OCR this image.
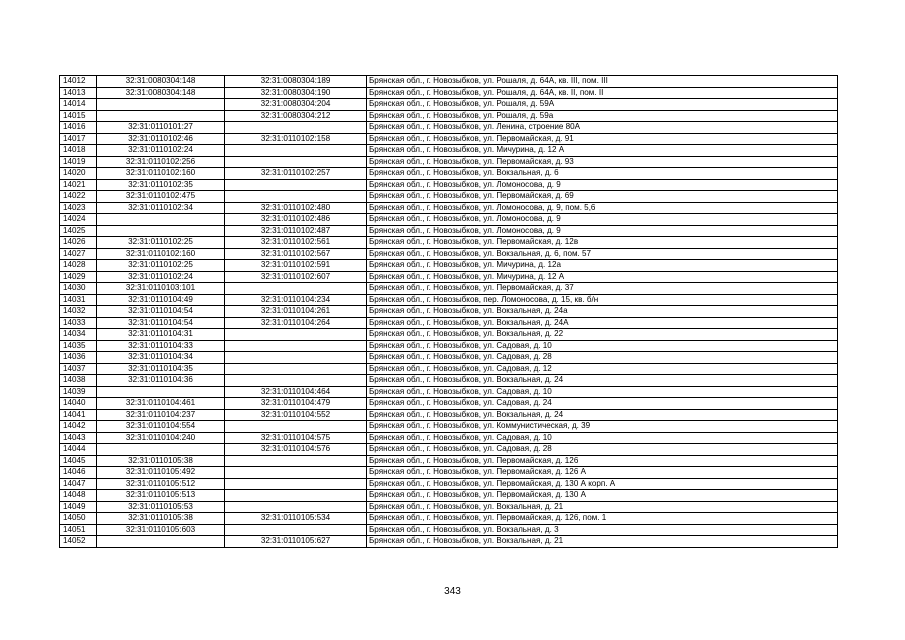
14012	32:31:0080304:148	32:31:0080304:189	Брянская обл., г. Новозыбков, ул. Рошаля, д. 64А, кв. III, пом. III
14013	32:31:0080304:148	32:31:0080304:190	Брянская обл., г. Новозыбков, ул. Рошаля, д. 64А, кв. II, пом. II
14014		32:31:0080304:204	Брянская обл., г. Новозыбков, ул. Рошаля, д. 59А
14015		32:31:0080304:212	Брянская обл., г. Новозыбков, ул. Рошаля, д. 59а
14016	32:31:0110101:27		Брянская обл., г. Новозыбков, ул. Ленина, строение 80А
14017	32:31:0110102:46	32:31:0110102:158	Брянская обл., г. Новозыбков, ул. Первомайская, д. 91
14018	32:31:0110102:24		Брянская обл., г. Новозыбков, ул. Мичурина, д. 12 А
14019	32:31:0110102:256		Брянская обл., г. Новозыбков, ул. Первомайская, д. 93
14020	32:31:0110102:160	32:31:0110102:257	Брянская обл., г. Новозыбков, ул. Вокзальная, д. 6
14021	32:31:0110102:35		Брянская обл., г. Новозыбков, ул. Ломоносова, д. 9
14022	32:31:0110102:475		Брянская обл., г. Новозыбков, ул. Первомайская, д. 69
14023	32:31:0110102:34	32:31:0110102:480	Брянская обл., г. Новозыбков, ул. Ломоносова, д. 9, пом. 5,6
14024		32:31:0110102:486	Брянская обл., г. Новозыбков, ул. Ломоносова, д. 9
14025		32:31:0110102:487	Брянская обл., г. Новозыбков, ул. Ломоносова, д. 9
14026	32:31:0110102:25	32:31:0110102:561	Брянская обл., г. Новозыбков, ул. Первомайская, д. 12в
14027	32:31:0110102:160	32:31:0110102:567	Брянская обл., г. Новозыбков, ул. Вокзальная, д. 6, пом. 57
14028	32:31:0110102:25	32:31:0110102:591	Брянская обл., г. Новозыбков, ул. Мичурина, д. 12а
14029	32:31:0110102:24	32:31:0110102:607	Брянская обл., г. Новозыбков, ул. Мичурина, д. 12 А
14030	32:31:0110103:101		Брянская обл., г. Новозыбков, ул. Первомайская, д. 37
14031	32:31:0110104:49	32:31:0110104:234	Брянская обл., г. Новозыбков, пер. Ломоносова, д. 15, кв. б/н
14032	32:31:0110104:54	32:31:0110104:261	Брянская обл., г. Новозыбков, ул. Вокзальная, д. 24а
14033	32:31:0110104:54	32:31:0110104:264	Брянская обл., г. Новозыбков, ул. Вокзальная, д. 24А
14034	32:31:0110104:31		Брянская обл., г. Новозыбков, ул. Вокзальная, д. 22
14035	32:31:0110104:33		Брянская обл., г. Новозыбков, ул. Садовая, д. 10
14036	32:31:0110104:34		Брянская обл., г. Новозыбков, ул. Садовая, д. 28
14037	32:31:0110104:35		Брянская обл., г. Новозыбков, ул. Садовая, д. 12
14038	32:31:0110104:36		Брянская обл., г. Новозыбков, ул. Вокзальная, д. 24
14039		32:31:0110104:464	Брянская обл., г. Новозыбков, ул. Садовая, д. 10
14040	32:31:0110104:461	32:31:0110104:479	Брянская обл., г. Новозыбков, ул. Садовая, д. 24
14041	32:31:0110104:237	32:31:0110104:552	Брянская обл., г. Новозыбков, ул. Вокзальная, д. 24
14042	32:31:0110104:554		Брянская обл., г. Новозыбков, ул. Коммунистическая, д. 39
14043	32:31:0110104:240	32:31:0110104:575	Брянская обл., г. Новозыбков, ул. Садовая, д. 10
14044		32:31:0110104:576	Брянская обл., г. Новозыбков, ул. Садовая, д. 28
14045	32:31:0110105:38		Брянская обл., г. Новозыбков, ул. Первомайская, д. 126
14046	32:31:0110105:492		Брянская обл., г. Новозыбков, ул. Первомайская, д. 126 А
14047	32:31:0110105:512		Брянская обл., г. Новозыбков, ул. Первомайская, д. 130 А корп. А
14048	32:31:0110105:513		Брянская обл., г. Новозыбков, ул. Первомайская, д. 130 А
14049	32:31:0110105:53		Брянская обл., г. Новозыбков, ул. Вокзальная, д. 21
14050	32:31:0110105:38	32:31:0110105:534	Брянская обл., г. Новозыбков, ул. Первомайская, д. 126, пом. 1
14051	32:31:0110105:603		Брянская обл., г. Новозыбков, ул. Вокзальная, д. 3
14052		32:31:0110105:627	Брянская обл., г. Новозыбков, ул. Вокзальная, д. 21
343
